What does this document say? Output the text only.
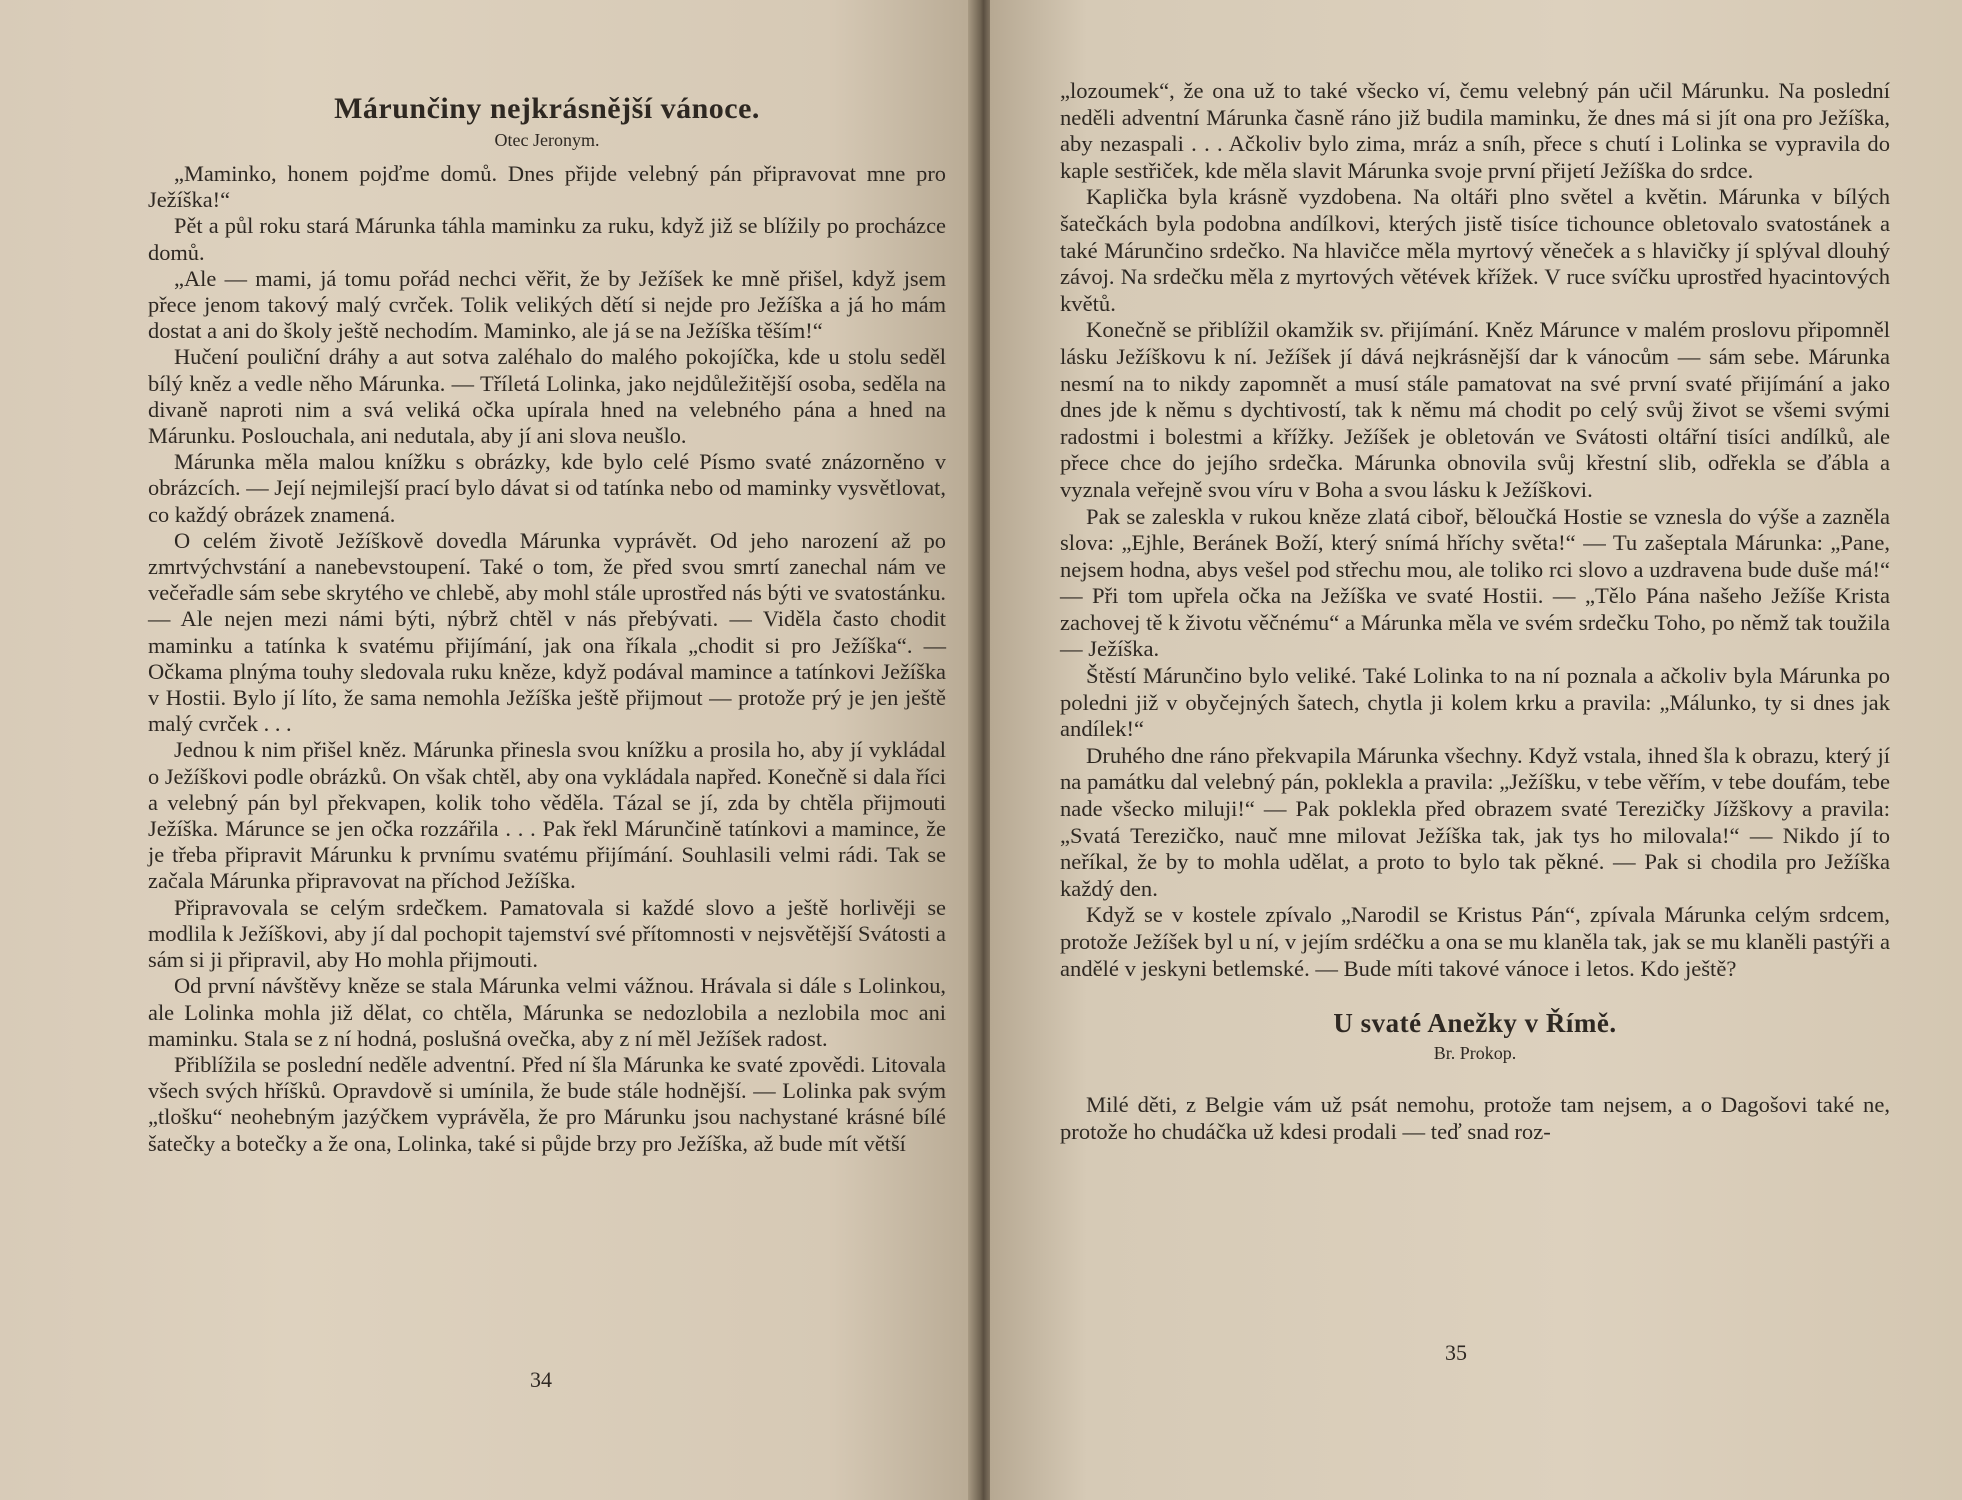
Márunčiny nejkrásnější vánoce.
Otec Jeronym.

„Maminko, honem pojďme domů. Dnes přijde velebný pán připravovat mne pro Ježíška!“

Pět a půl roku stará Márunka táhla maminku za ruku, když již se blížily po procházce domů.

„Ale — mami, já tomu pořád nechci věřit, že by Ježíšek ke mně přišel, když jsem přece jenom takový malý cvrček. Tolik velikých dětí si nejde pro Ježíška a já ho mám dostat a ani do školy ještě nechodím. Maminko, ale já se na Ježíška těším!“

Hučení pouliční dráhy a aut sotva zaléhalo do malého pokojíčka, kde u stolu seděl bílý kněz a vedle něho Márunka. — Tříletá Lolinka, jako nejdůležitější osoba, seděla na divaně naproti nim a svá veliká očka upírala hned na velebného pána a hned na Márunku. Poslouchala, ani nedutala, aby jí ani slova neušlo.

Márunka měla malou knížku s obrázky, kde bylo celé Písmo svaté znázorněno v obrázcích. — Její nejmilejší prací bylo dávat si od tatínka nebo od maminky vysvětlovat, co každý obrázek znamená.

O celém životě Ježíškově dovedla Márunka vyprávět. Od jeho narození až po zmrtvýchvstání a nanebevstoupení. Také o tom, že před svou smrtí zanechal nám ve večeřadle sám sebe skrytého ve chlebě, aby mohl stále uprostřed nás býti ve svatostánku. — Ale nejen mezi námi býti, nýbrž chtěl v nás přebývati. — Viděla často chodit maminku a tatínka k svatému přijímání, jak ona říkala „chodit si pro Ježíška“. — Očkama plnýma touhy sledovala ruku kněze, když podával mamince a tatínkovi Ježíška v Hostii. Bylo jí líto, že sama nemohla Ježíška ještě přijmout — protože prý je jen ještě malý cvrček . . .

Jednou k nim přišel kněz. Márunka přinesla svou knížku a prosila ho, aby jí vykládal o Ježíškovi podle obrázků. On však chtěl, aby ona vykládala napřed. Konečně si dala říci a velebný pán byl překvapen, kolik toho věděla. Tázal se jí, zda by chtěla přijmouti Ježíška. Márunce se jen očka rozzářila . . . Pak řekl Márunčině tatínkovi a mamince, že je třeba připravit Márunku k prvnímu svatému přijímání. Souhlasili velmi rádi. Tak se začala Márunka připravovat na příchod Ježíška.

Připravovala se celým srdečkem. Pamatovala si každé slovo a ještě horlivěji se modlila k Ježíškovi, aby jí dal pochopit tajemství své přítomnosti v nejsvětější Svátosti a sám si ji připravil, aby Ho mohla přijmouti.

Od první návštěvy kněze se stala Márunka velmi vážnou. Hrávala si dále s Lolinkou, ale Lolinka mohla již dělat, co chtěla, Márunka se nedozlobila a nezlobila moc ani maminku. Stala se z ní hodná, poslušná ovečka, aby z ní měl Ježíšek radost.

Přiblížila se poslední neděle adventní. Před ní šla Márunka ke svaté zpovědi. Litovala všech svých hříšků. Opravdově si umínila, že bude stále hodnější. — Lolinka pak svým „tlošku“ neohebným jazýčkem vyprávěla, že pro Márunku jsou nachystané krásné bílé šatečky a botečky a že ona, Lolinka, také si půjde brzy pro Ježíška, až bude mít větší

34

„lozoumek“, že ona už to také všecko ví, čemu velebný pán učil Márunku. Na poslední neděli adventní Márunka časně ráno již budila maminku, že dnes má si jít ona pro Ježíška, aby nezaspali . . . Ačkoliv bylo zima, mráz a sníh, přece s chutí i Lolinka se vypravila do kaple sestřiček, kde měla slavit Márunka svoje první přijetí Ježíška do srdce.

Kaplička byla krásně vyzdobena. Na oltáři plno světel a květin. Márunka v bílých šatečkách byla podobna andílkovi, kterých jistě tisíce tichounce obletovalo svatostánek a také Márunčino srdečko. Na hlavičce měla myrtový věneček a s hlavičky jí splýval dlouhý závoj. Na srdečku měla z myrtových větévek křížek. V ruce svíčku uprostřed hyacintových květů.

Konečně se přiblížil okamžik sv. přijímání. Kněz Márunce v malém proslovu připomněl lásku Ježíškovu k ní. Ježíšek jí dává nejkrásnější dar k vánocům — sám sebe. Márunka nesmí na to nikdy zapomnět a musí stále pamatovat na své první svaté přijímání a jako dnes jde k němu s dychtivostí, tak k němu má chodit po celý svůj život se všemi svými radostmi i bolestmi a křížky. Ježíšek je obletován ve Svátosti oltářní tisíci andílků, ale přece chce do jejího srdečka. Márunka obnovila svůj křestní slib, odřekla se ďábla a vyznala veřejně svou víru v Boha a svou lásku k Ježíškovi.

Pak se zaleskla v rukou kněze zlatá ciboř, běloučká Hostie se vznesla do výše a zazněla slova: „Ejhle, Beránek Boží, který snímá hříchy světa!“ — Tu zašeptala Márunka: „Pane, nejsem hodna, abys vešel pod střechu mou, ale toliko rci slovo a uzdravena bude duše má!“ — Při tom upřela očka na Ježíška ve svaté Hostii. — „Tělo Pána našeho Ježíše Krista zachovej tě k životu věčnému“ a Márunka měla ve svém srdečku Toho, po němž tak toužila — Ježíška.

Štěstí Márunčino bylo veliké. Také Lolinka to na ní poznala a ačkoliv byla Márunka po poledni již v obyčejných šatech, chytla ji kolem krku a pravila: „Málunko, ty si dnes jak andílek!“

Druhého dne ráno překvapila Márunka všechny. Když vstala, ihned šla k obrazu, který jí na památku dal velebný pán, poklekla a pravila: „Ježíšku, v tebe věřím, v tebe doufám, tebe nade všecko miluji!“ — Pak poklekla před obrazem svaté Terezičky Jížškovy a pravila: „Svatá Terezičko, nauč mne milovat Ježíška tak, jak tys ho milovala!“ — Nikdo jí to neříkal, že by to mohla udělat, a proto to bylo tak pěkné. — Pak si chodila pro Ježíška každý den.

Když se v kostele zpívalo „Narodil se Kristus Pán“, zpívala Márunka celým srdcem, protože Ježíšek byl u ní, v jejím srdéčku a ona se mu klaněla tak, jak se mu klaněli pastýři a andělé v jeskyni betlemské. — Bude míti takové vánoce i letos. Kdo ještě?

U svaté Anežky v Římě.
Br. Prokop.

Milé děti, z Belgie vám už psát nemohu, protože tam nejsem, a o Dagošovi také ne, protože ho chudáčka už kdesi prodali — teď snad roz-

35
